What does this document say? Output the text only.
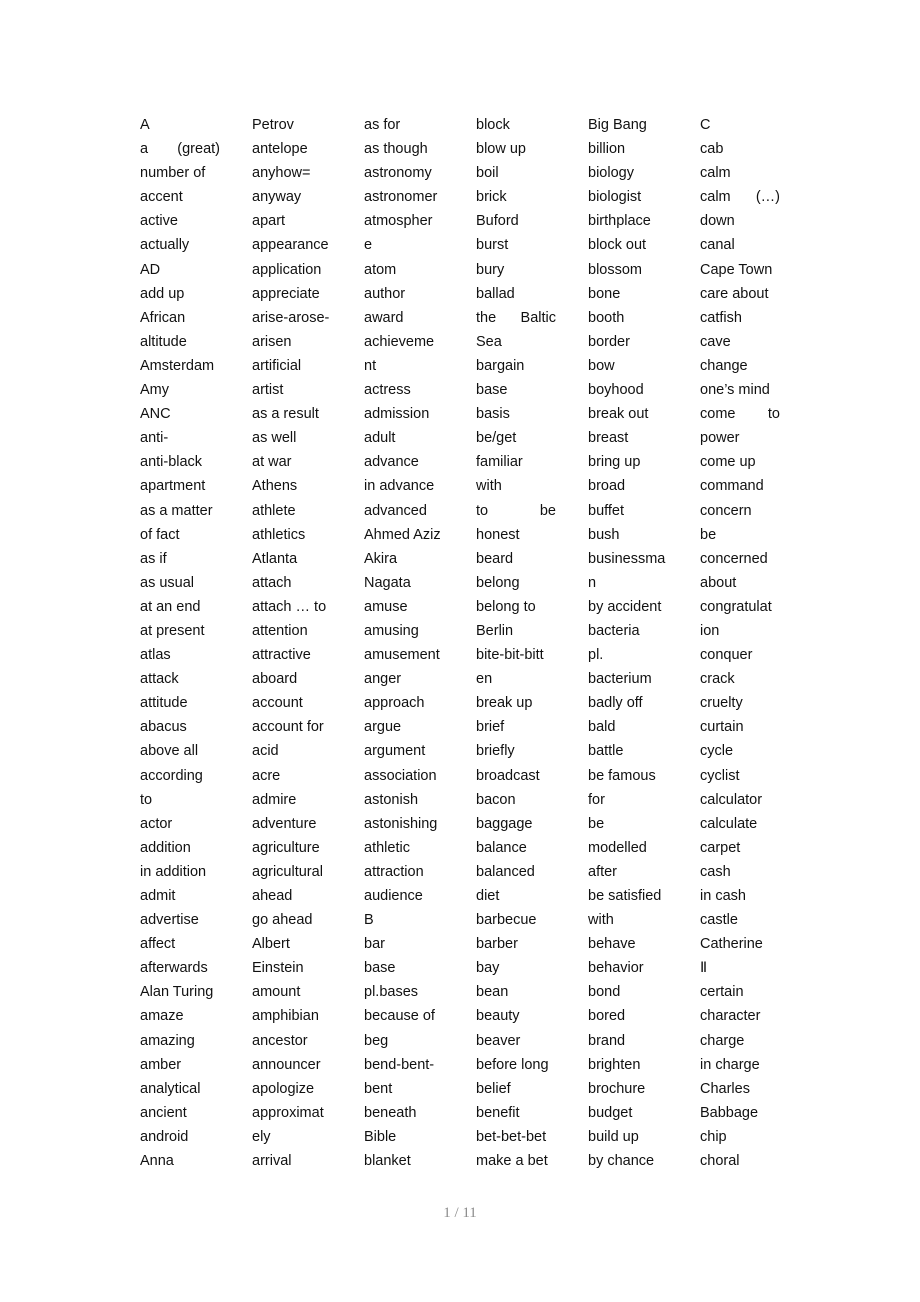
A
a (great)
number of
accent
active
actually
AD
add up
African
altitude
Amsterdam
Amy
ANC
anti-
anti-black
apartment
as a matter
of fact
as if
as usual
at an end
at present
atlas
attack
attitude
abacus
above all
according
to
actor
addition
in addition
admit
advertise
affect
afterwards
Alan Turing
amaze
amazing
amber
analytical
ancient
android
Anna
Petrov
antelope
anyhow=
anyway
apart
appearance
application
appreciate
arise-arose-
arisen
artificial
artist
as a result
as well
at war
Athens
athlete
athletics
Atlanta
attach
attach … to
attention
attractive
aboard
account
account for
acid
acre
admire
adventure
agriculture
agricultural
ahead
go ahead
Albert
Einstein
amount
amphibian
ancestor
announcer
apologize
approximat
ely
arrival
as for
as though
astronomy
astronomer
atmospher
e
atom
author
award
achieveme
nt
actress
admission
adult
advance
in advance
advanced
Ahmed Aziz
Akira
Nagata
amuse
amusing
amusement
anger
approach
argue
argument
association
astonish
astonishing
athletic
attraction
audience
B
bar
base
pl.bases
because of
beg
bend-bent-
bent
beneath
Bible
blanket
block
blow up
boil
brick
Buford
burst
bury
ballad
the Baltic
Sea
bargain
base
basis
be/get
familiar
with
to	be
honest
beard
belong
belong to
Berlin
bite-bit-bitt
en
break up
brief
briefly
broadcast
bacon
baggage
balance
balanced
diet
barbecue
barber
bay
bean
beauty
beaver
before long
belief
benefit
bet-bet-bet
make a bet
Big Bang
billion
biology
biologist
birthplace
block out
blossom
bone
booth
border
bow
boyhood
break out
breast
bring up
broad
buffet
bush
businessma
n
by accident
bacteria
pl.
bacterium
badly off
bald
battle
be famous
for
be
modelled
after
be satisfied
with
behave
behavior
bond
bored
brand
brighten
brochure
budget
build up
by chance
C
cab
calm
calm (…)
down
canal
Cape Town
care about
catfish
cave
change
one’s mind
come to
power
come up
command
concern
be
concerned
about
congratulat
ion
conquer
crack
cruelty
curtain
cycle
cyclist
calculator
calculate
carpet
cash
in cash
castle
Catherine
Ⅱ
certain
character
charge
in charge
Charles
Babbage
chip
choral
1 / 11
